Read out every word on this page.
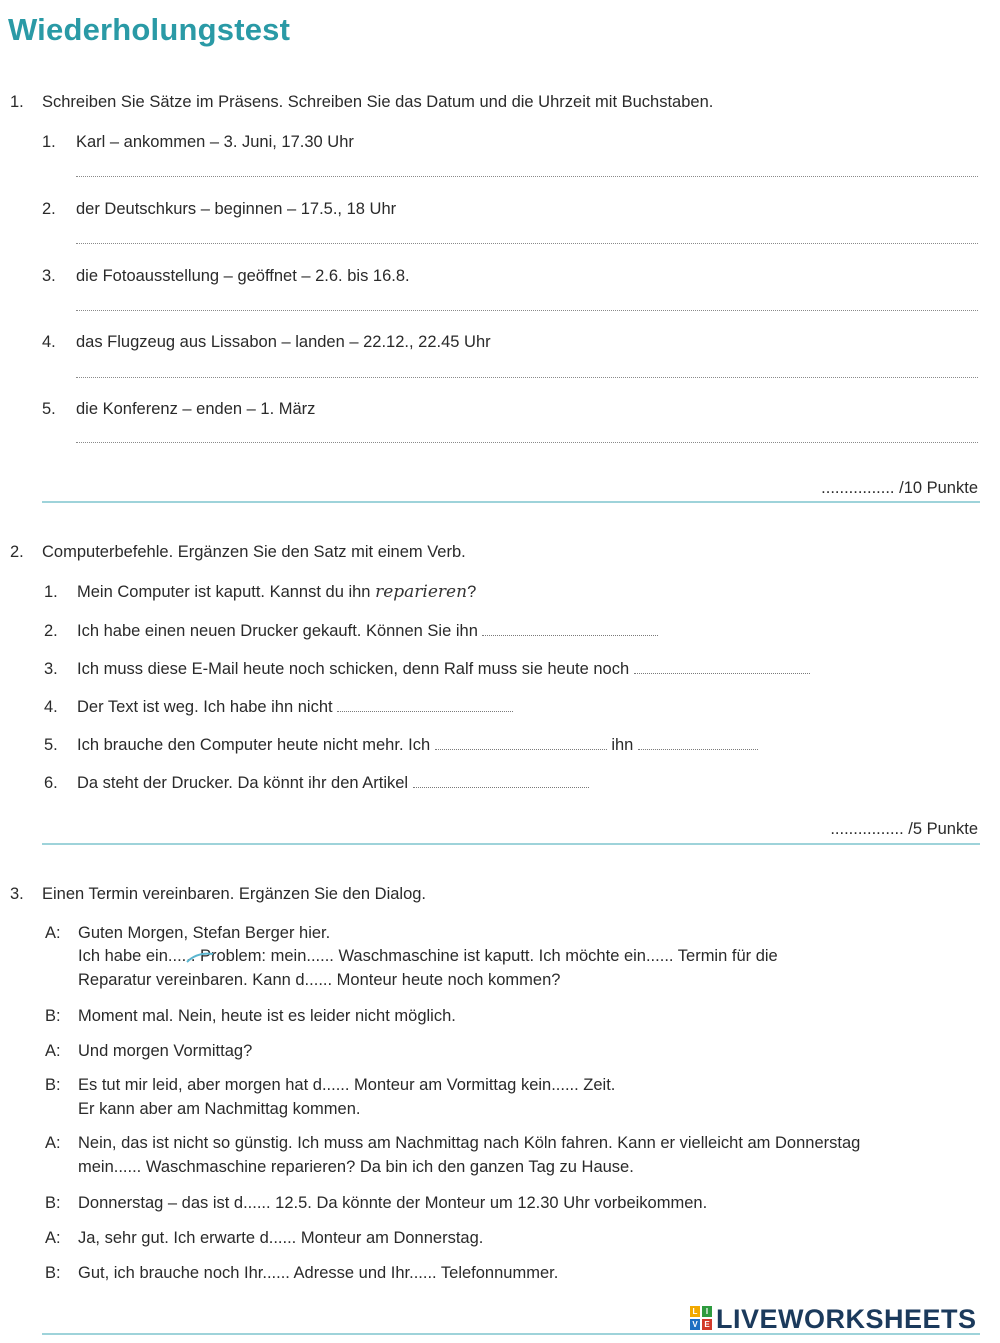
Wiederholungstest
1. Schreiben Sie Sätze im Präsens. Schreiben Sie das Datum und die Uhrzeit mit Buchstaben.
1. Karl – ankommen – 3. Juni, 17.30 Uhr
2. der Deutschkurs – beginnen – 17.5., 18 Uhr
3. die Fotoausstellung – geöffnet – 2.6. bis 16.8.
4. das Flugzeug aus Lissabon – landen – 22.12., 22.45 Uhr
5. die Konferenz – enden – 1. März
................ /10 Punkte
2. Computerbefehle. Ergänzen Sie den Satz mit einem Verb.
1. Mein Computer ist kaputt. Kannst du ihn reparieren?
2. Ich habe einen neuen Drucker gekauft. Können Sie ihn
3. Ich muss diese E-Mail heute noch schicken, denn Ralf muss sie heute noch
4. Der Text ist weg. Ich habe ihn nicht
5. Ich brauche den Computer heute nicht mehr. Ich	ihn
6. Da steht der Drucker. Da könnt ihr den Artikel
................ /5 Punkte
3. Einen Termin vereinbaren. Ergänzen Sie den Dialog.
A: Guten Morgen, Stefan Berger hier.
Ich habe ein...... Problem: mein...... Waschmaschine ist kaputt. Ich möchte ein...... Termin für die
Reparatur vereinbaren. Kann d...... Monteur heute noch kommen?
B: Moment mal. Nein, heute ist es leider nicht möglich.
A: Und morgen Vormittag?
B: Es tut mir leid, aber morgen hat d...... Monteur am Vormittag kein...... Zeit.
Er kann aber am Nachmittag kommen.
A: Nein, das ist nicht so günstig. Ich muss am Nachmittag nach Köln fahren. Kann er vielleicht am Donnerstag
mein...... Waschmaschine reparieren? Da bin ich den ganzen Tag zu Hause.
B: Donnerstag – das ist d...... 12.5. Da könnte der Monteur um 12.30 Uhr vorbeikommen.
A: Ja, sehr gut. Ich erwarte d...... Monteur am Donnerstag.
B: Gut, ich brauche noch Ihr...... Adresse und Ihr...... Telefonnummer.
L	I
V E LIVEWORKSHEETS
